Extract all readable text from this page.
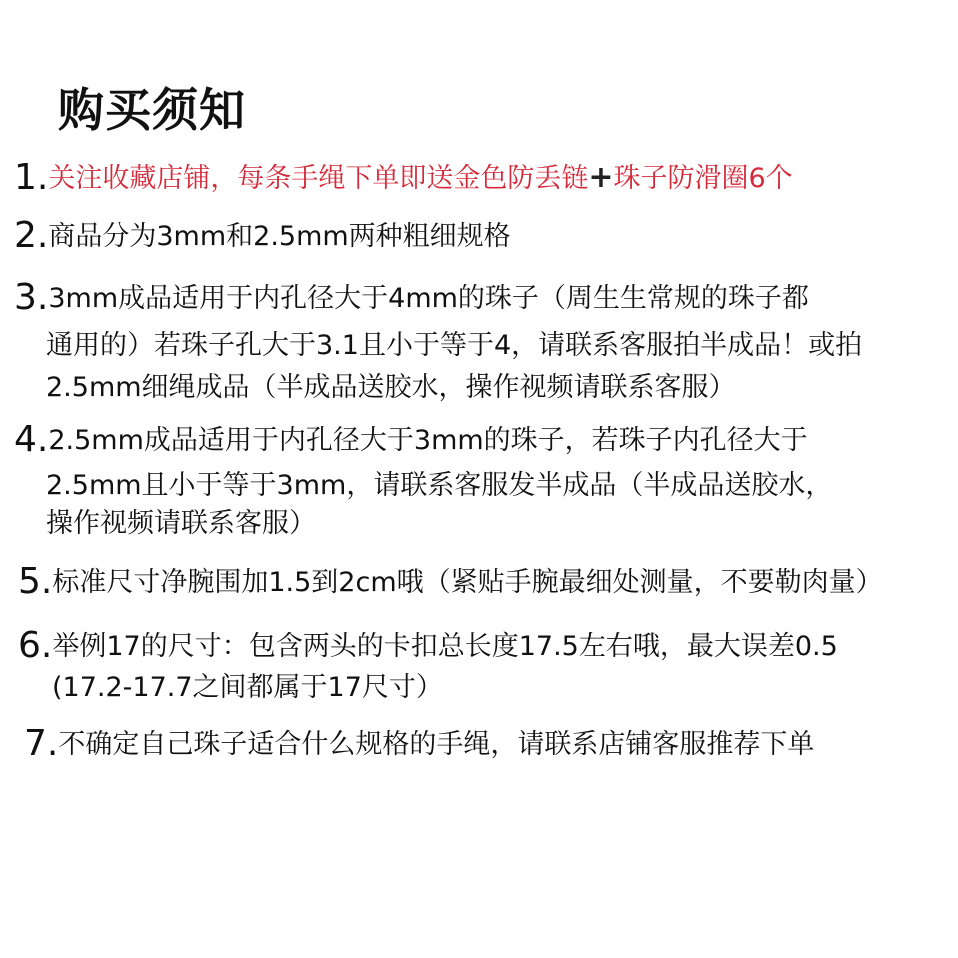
购买须知
1.关注收藏店铺，每条手绳下单即送金色防丢链+珠子防滑圈6个
2.商品分为3mm和2.5mm两种粗细规格
3.3mm成品适用于内孔径大于4mm的珠子（周生生常规的珠子都
通用的）若珠子孔大于3.1且小于等于4，请联系客服拍半成品！或拍
2.5mm细绳成品（半成品送胶水，操作视频请联系客服）
4.2.5mm成品适用于内孔径大于3mm的珠子，若珠子内孔径大于
2.5mm且小于等于3mm，请联系客服发半成品（半成品送胶水，
操作视频请联系客服）
5.标准尺寸净腕围加1.5到2cm哦（紧贴手腕最细处测量，不要勒肉量）
6.举例17的尺寸：包含两头的卡扣总长度17.5左右哦，最大误差0.5
(17.2-17.7之间都属于17尺寸）
7.不确定自己珠子适合什么规格的手绳，请联系店铺客服推荐下单
